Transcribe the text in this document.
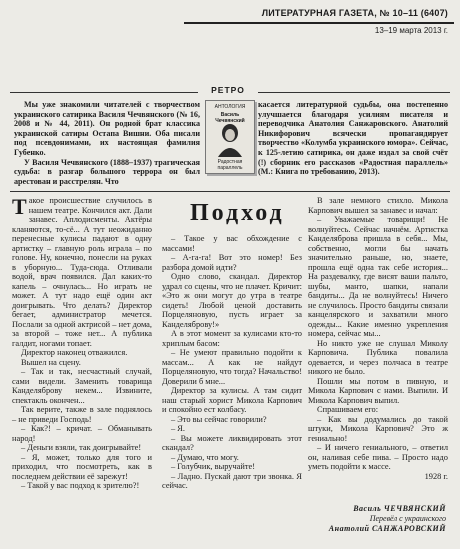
ЛИТЕРАТУРНАЯ ГАЗЕТА, № 10–11 (6407)
13–19 марта 2013 г.
РЕТРО

Мы уже знакомили читателей с творчеством украинского сатирика Василя Чечвянского (№ 16, 2008 и № 44, 2011). Он родной брат классика украинской сатиры Остапа Вишни. Оба писали под псевдонимами, их настоящая фамилия Губенко.

У Василя Чечвянского (1888–1937) трагическая судьба: в разгар большого террора он был арестован и расстрелян. Что

АНТОЛОГИЯ
Василь Чечвянский
Радостная параллель

касается литературной судьбы, она постепенно улучшается благодаря усилиям писателя и переводчика Анатолия Санжаровского. Анатолий Никифорович всячески пропагандирует творчество «Колумба украинского юмора». Сейчас, к 125-летию сатирика, он даже издал за свой счёт (!) сборник его рассказов «Радостная параллель» (М.: Книга по требованию, 2013).

Подход

Такое происшествие случилось в нашем театре. Кончился акт. Дали занавес. Аплодисменты. Актёры кланяются, то-сё... А тут неожиданно перенесные кулисы падают в одну артистку – главную роль играла – по голове. Ну, конечно, понесли на руках в уборную... Туда-сюда. Отливали водой, врач появился. Дал каких-то капель – очнулась... Но играть не может. А тут надо ещё один акт доигрывать. Что делать? Директор бегает, администратор мечется. Послали за одной актрисой – нет дома, за второй – тоже нет... А публика галдит, ногами топает.

Директор наконец отважился.

Вышел на сцену.

– Так и так, несчастный случай, сами видели. Заменить товарища Канделяброву некем... Извините, спектакль окончен...

Так верите, также в зале поднялось – не приведи Господь!

– Как?! – кричат. – Обманывать народ!

– Деньги взяли, так доигрывайте!

– Я, может, только для того и приходил, что посмотреть, как в последнем действии её зарежут!

– Такой у вас подход к зрителю?!

– Такое у вас обхождение с массами!

– А-га-га! Вот это номер! Без разбора домой идти?

Одно слово, скандал. Директор удрал со сцены, что не плачет. Кричит: «Это ж они могут до утра в театре сидеть! Любой ценой доставить Порцеляновую, пусть играет за Канделяброву!»

А в этот момент за кулисами кто-то хриплым басом:

– Не умеют правильно подойти к массам... А как не найдут Порцеляновую, что тогда? Начальство! Доверили б мне...

Директор за кулисы. А там сидит наш старый хорист Микола Карпович и спокойно ест колбасу.

– Это вы сейчас говорили?

– Я.

– Вы можете ликвидировать этот скандал?

– Думаю, что могу.

– Голубчик, выручайте!

– Ладно. Пускай дают три звонка. Я сейчас.

В зале немного стихло. Микола Карпович вышел за занавес и начал:

– Уважаемые товарищи! Не волнуйтесь. Сейчас начнём. Артистка Канделяброва пришла в себя... Мы, собственно, могли бы начать значительно раньше, но, знаете, прошла ещё одна так себе история... На раздевалку, где висят ваши пальто, шубы, манто, шапки, напали бандиты... Да не волнуйтесь! Ничего не случилось. Просто бандиты связали канцелярского и захватили много одежды... Какие именно укрепления номера, сейчас мы...

Но никто уже не слушал Миколу Карповича. Публика повалила одевается, и через полчаса в театре никого не было.

Пошли мы потом в пивную, и Микола Карпович с нами. Выпили. И Микола Карпович выпил.

Спрашиваем его:

– Как вы додумались до такой штуки, Микола Карпович? Это ж гениально!

– И ничего гениального, – ответил он, наливая себе пива. – Просто надо уметь подойти к массе.

1928 г.

Василь ЧЕЧВЯНСКИЙ
Перевёл с украинского
Анатолий САНЖАРОВСКИЙ
